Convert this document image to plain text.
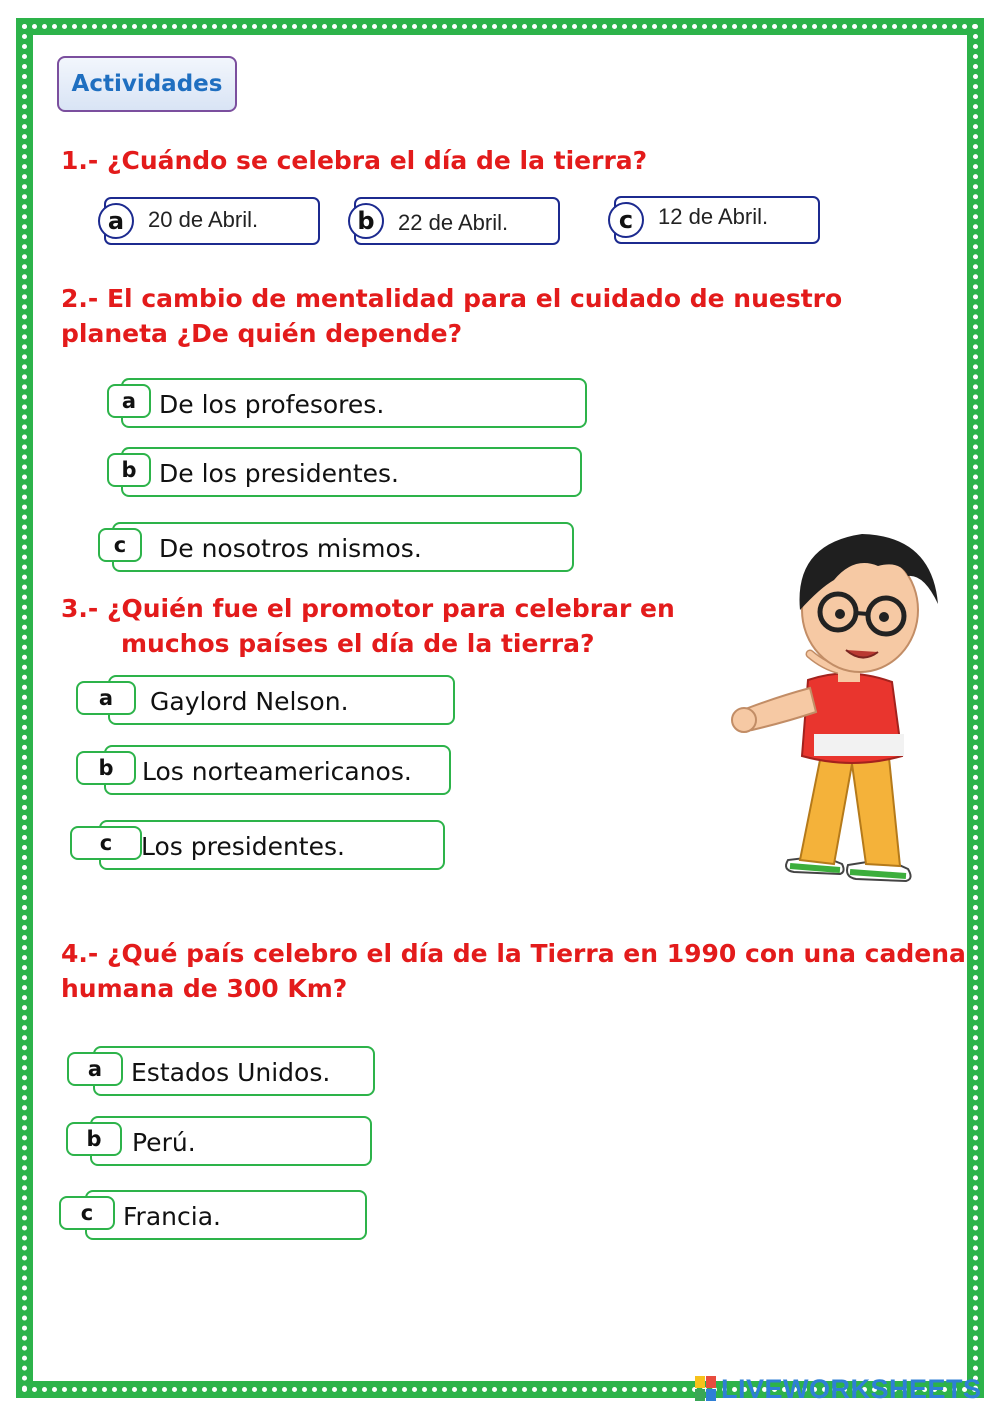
Actividades
1.- ¿Cuándo se celebra el día de la tierra?
a	20 de Abril.	b	22 de Abril.	c	12 de Abril.
2.- El cambio de mentalidad para el cuidado de nuestro
planeta ¿De quién depende?
a De los profesores.
b De los presidentes.
c	De nosotros mismos.
3.- ¿Quién fue el promotor para celebrar en
muchos países el día de la tierra?
a	Gaylord Nelson.
b	Los norteamericanos.
c	Los presidentes.
4.- ¿Qué país celebro el día de la Tierra en 1990 con una cadena
humana de 300 Km?
a	Estados Unidos.
b	Perú.
c	Francia.
LIVEWORKSHEETS
